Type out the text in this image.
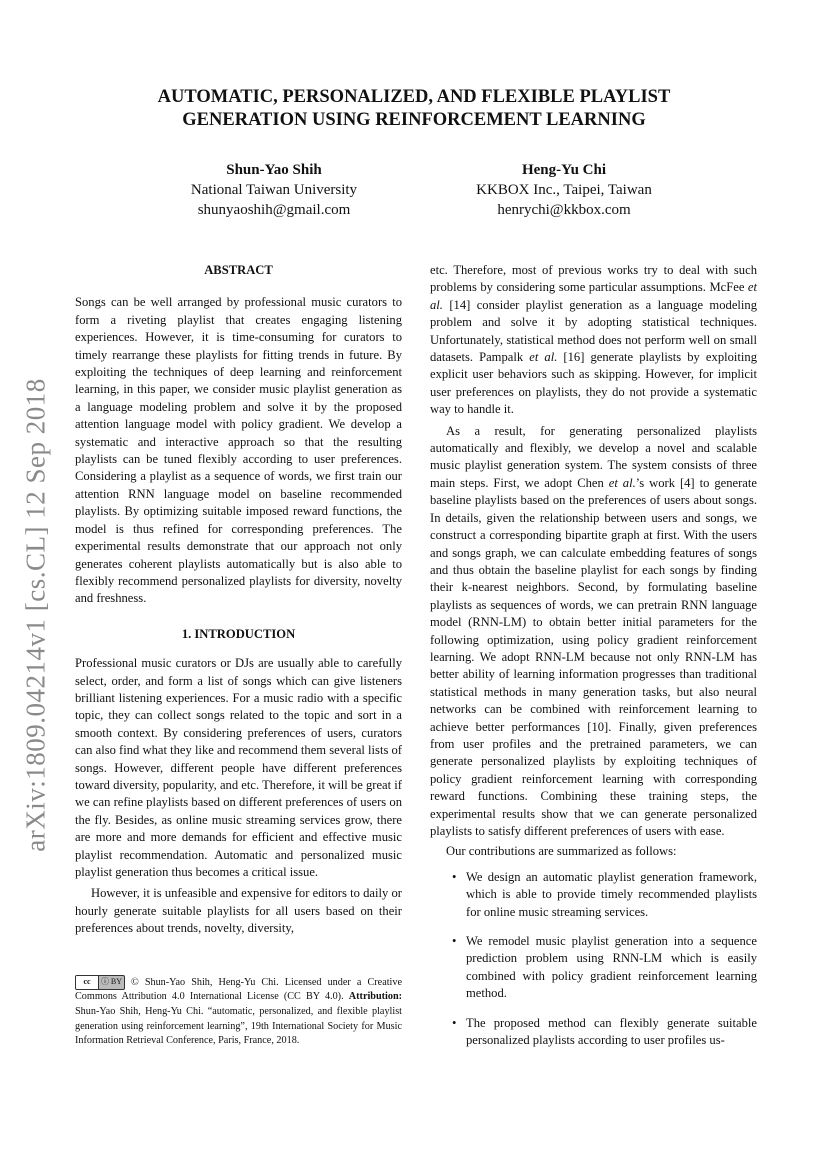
arXiv:1809.04214v1 [cs.CL] 12 Sep 2018
AUTOMATIC, PERSONALIZED, AND FLEXIBLE PLAYLIST
GENERATION USING REINFORCEMENT LEARNING
Shun-Yao Shih
National Taiwan University
shunyaoshih@gmail.com
Heng-Yu Chi
KKBOX Inc., Taipei, Taiwan
henrychi@kkbox.com
ABSTRACT

Songs can be well arranged by professional music curators to form a riveting playlist that creates engaging listening experiences. However, it is time-consuming for curators to timely rearrange these playlists for fitting trends in future. By exploiting the techniques of deep learning and reinforcement learning, in this paper, we consider music playlist generation as a language modeling problem and solve it by the proposed attention language model with policy gradient. We develop a systematic and interactive approach so that the resulting playlists can be tuned flexibly according to user preferences. Considering a playlist as a sequence of words, we first train our attention RNN language model on baseline recommended playlists. By optimizing suitable imposed reward functions, the model is thus refined for corresponding preferences. The experimental results demonstrate that our approach not only generates coherent playlists automatically but is also able to flexibly recommend personalized playlists for diversity, novelty and freshness.

1. INTRODUCTION

Professional music curators or DJs are usually able to carefully select, order, and form a list of songs which can give listeners brilliant listening experiences. For a music radio with a specific topic, they can collect songs related to the topic and sort in a smooth context. By considering preferences of users, curators can also find what they like and recommend them several lists of songs. However, different people have different preferences toward diversity, popularity, and etc. Therefore, it will be great if we can refine playlists based on different preferences of users on the fly. Besides, as online music streaming services grow, there are more and more demands for efficient and effective music playlist recommendation. Automatic and personalized music playlist generation thus becomes a critical issue.

However, it is unfeasible and expensive for editors to daily or hourly generate suitable playlists for all users based on their preferences about trends, novelty, diversity,

cc	ⓘ BY © Shun-Yao Shih, Heng-Yu Chi. Licensed under a Creative Commons Attribution 4.0 International License (CC BY 4.0). Attribution: Shun-Yao Shih, Heng-Yu Chi. “automatic, personalized, and flexible playlist generation using reinforcement learning”, 19th International Society for Music Information Retrieval Conference, Paris, France, 2018.

etc. Therefore, most of previous works try to deal with such problems by considering some particular assumptions. McFee et al. [14] consider playlist generation as a language modeling problem and solve it by adopting statistical techniques. Unfortunately, statistical method does not perform well on small datasets. Pampalk et al. [16] generate playlists by exploiting explicit user behaviors such as skipping. However, for implicit user preferences on playlists, they do not provide a systematic way to handle it.

As a result, for generating personalized playlists automatically and flexibly, we develop a novel and scalable music playlist generation system. The system consists of three main steps. First, we adopt Chen et al.’s work [4] to generate baseline playlists based on the preferences of users about songs. In details, given the relationship between users and songs, we construct a corresponding bipartite graph at first. With the users and songs graph, we can calculate embedding features of songs and thus obtain the baseline playlist for each songs by finding their k-nearest neighbors. Second, by formulating baseline playlists as sequences of words, we can pretrain RNN language model (RNN-LM) to obtain better initial parameters for the following optimization, using policy gradient reinforcement learning. We adopt RNN-LM because not only RNN-LM has better ability of learning information progresses than traditional statistical methods in many generation tasks, but also neural networks can be combined with reinforcement learning to achieve better performances [10]. Finally, given preferences from user profiles and the pretrained parameters, we can generate personalized playlists by exploiting techniques of policy gradient reinforcement learning with corresponding reward functions. Combining these training steps, the experimental results show that we can generate personalized playlists to satisfy different preferences of users with ease.

Our contributions are summarized as follows:

• We design an automatic playlist generation framework, which is able to provide timely recommended playlists for online music streaming services.
• We remodel music playlist generation into a sequence prediction problem using RNN-LM which is easily combined with policy gradient reinforcement learning method.
• The proposed method can flexibly generate suitable personalized playlists according to user profiles us-
